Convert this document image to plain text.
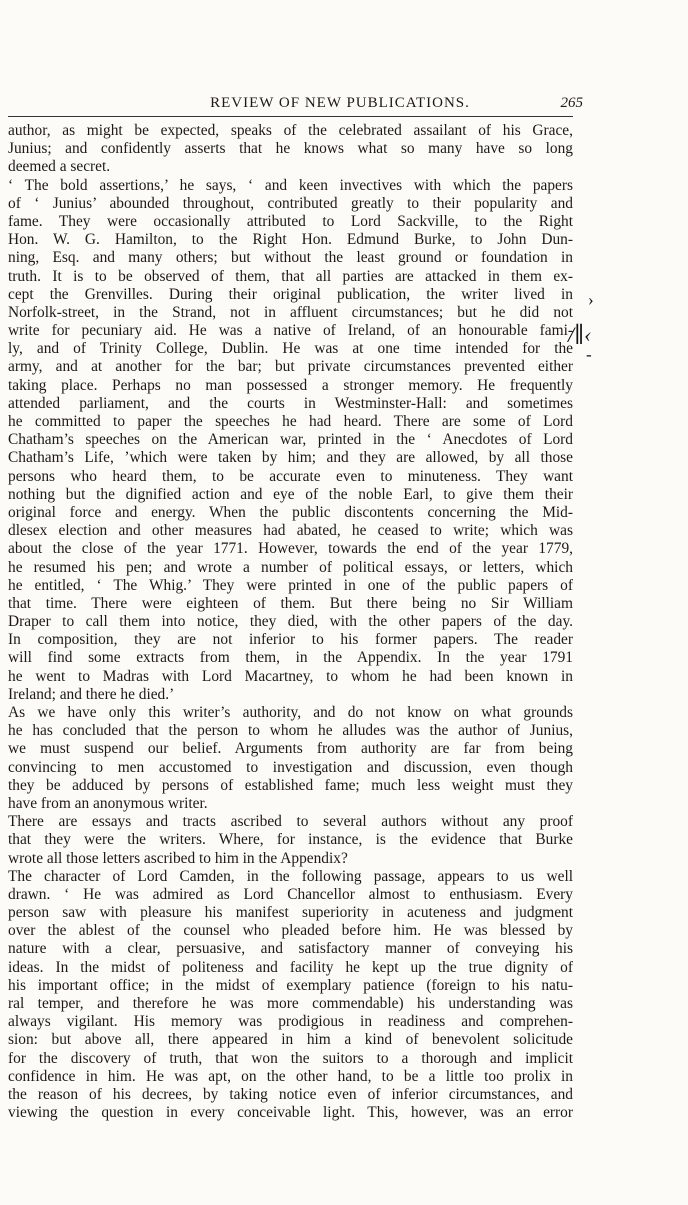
REVIEW OF NEW PUBLICATIONS.	265
author, as might be expected, speaks of the celebrated assailant of his Grace,
Junius; and confidently asserts that he knows what so many have so long
deemed a secret.
‘ The bold assertions,’ he says, ‘ and keen invectives with which the papers
of ‘ Junius’ abounded throughout, contributed greatly to their popularity and
fame. They were occasionally attributed to Lord Sackville, to the Right
Hon. W. G. Hamilton, to the Right Hon. Edmund Burke, to John Dun-
ning, Esq. and many others; but without the least ground or foundation in
truth. It is to be observed of them, that all parties are attacked in them ex-
cept the Grenvilles. During their original publication, the writer lived in
Norfolk-street, in the Strand, not in affluent circumstances; but he did not
write for pecuniary aid. He was a native of Ireland, of an honourable fami-
ly, and of Trinity College, Dublin. He was at one time intended for the
army, and at another for the bar; but private circumstances prevented either
taking place. Perhaps no man possessed a stronger memory. He frequently
attended parliament, and the courts in Westminster-Hall: and sometimes
he committed to paper the speeches he had heard. There are some of Lord
Chatham’s speeches on the American war, printed in the ‘ Anecdotes of Lord
Chatham’s Life, ’which were taken by him; and they are allowed, by all those
persons who heard them, to be accurate even to minuteness. They want
nothing but the dignified action and eye of the noble Earl, to give them their
original force and energy. When the public discontents concerning the Mid-
dlesex election and other measures had abated, he ceased to write; which was
about the close of the year 1771. However, towards the end of the year 1779,
he resumed his pen; and wrote a number of political essays, or letters, which
he entitled, ‘ The Whig.’ They were printed in one of the public papers of
that time. There were eighteen of them. But there being no Sir William
Draper to call them into notice, they died, with the other papers of the day.
In composition, they are not inferior to his former papers. The reader
will find some extracts from them, in the Appendix. In the year 1791
he went to Madras with Lord Macartney, to whom he had been known in
Ireland; and there he died.’
As we have only this writer’s authority, and do not know on what grounds
he has concluded that the person to whom he alludes was the author of Junius,
we must suspend our belief. Arguments from authority are far from being
convincing to men accustomed to investigation and discussion, even though
they be adduced by persons of established fame; much less weight must they
have from an anonymous writer.
There are essays and tracts ascribed to several authors without any proof
that they were the writers. Where, for instance, is the evidence that Burke
wrote all those letters ascribed to him in the Appendix?
The character of Lord Camden, in the following passage, appears to us well
drawn. ‘ He was admired as Lord Chancellor almost to enthusiasm. Every
person saw with pleasure his manifest superiority in acuteness and judgment
over the ablest of the counsel who pleaded before him. He was blessed by
nature with a clear, persuasive, and satisfactory manner of conveying his
ideas. In the midst of politeness and facility he kept up the true dignity of
his important office; in the midst of exemplary patience (foreign to his natu-
ral temper, and therefore he was more commendable) his understanding was
always vigilant. His memory was prodigious in readiness and comprehen-
sion: but above all, there appeared in him a kind of benevolent solicitude
for the discovery of truth, that won the suitors to a thorough and implicit
confidence in him. He was apt, on the other hand, to be a little too prolix in
the reason of his decrees, by taking notice even of inferior circumstances, and
viewing the question in every conceivable light. This, however, was an error
›
/∥‹
-
